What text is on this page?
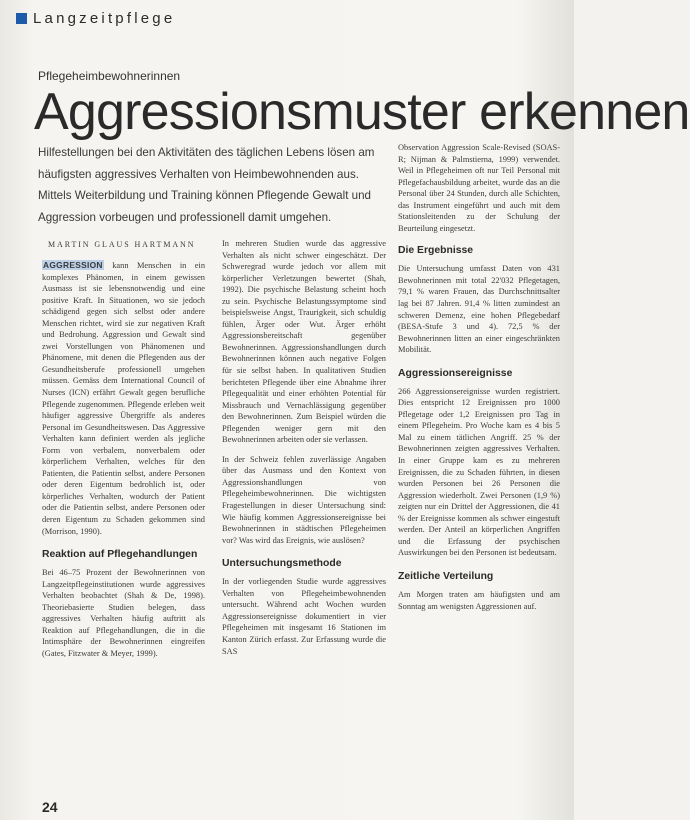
Langzeitpflege
Pflegeheimbewohnerinnen
Aggressionsmuster erkennen
Hilfestellungen bei den Aktivitäten des täglichen Lebens lösen am häufigsten aggressives Verhalten von Heimbewohnenden aus. Mittels Weiterbildung und Training können Pflegende Gewalt und Aggression vorbeugen und professionell damit umgehen.
MARTIN GLAUS HARTMANN

AGGRESSION kann Menschen in ein komplexes Phänomen, in einem gewissen Ausmass ist sie lebensnotwendig und eine positive Kraft. In Situationen, wo sie jedoch schädigend gegen sich selbst oder andere Menschen richtet, wird sie zur negativen Kraft und Bedrohung. Aggression und Gewalt sind zwei Vorstellungen von Phänomenen und Phänomene, mit denen die Pflegenden aus der Gesundheitsberufe professionell umgehen müssen. Gemäss dem International Council of Nurses (ICN) erfährt Gewalt gegen berufliche Pflegende zugenommen. Pflegende erleben weit häufiger aggressive Übergriffe als anderes Personal im Gesundheitswesen. Das Aggressive Verhalten kann definiert werden als jegliche Form von verbalem, nonverbalem oder körperlichem Verhalten, welches für den Patienten, die Patientin selbst, andere Personen oder deren Eigentum bedrohlich ist, oder körperliches Verhalten, wodurch der Patient oder die Patientin selbst, andere Personen oder deren Eigentum zu Schaden gekommen sind (Morrison, 1990).

Reaktion auf Pflegehandlungen

Bei 46–75 Prozent der Bewohnerinnen von Langzeitpflegeinstitutionen wurde aggressives Verhalten beobachtet (Shah & De, 1998). Theoriebasierte Studien belegen, dass aggressives Verhalten häufig auftritt als Reaktion auf Pflegehandlungen, die in die Intimsphäre der Bewohnerinnen eingreifen (Gates, Fitzwater & Meyer, 1999).

In mehreren Studien wurde das aggressive Verhalten als nicht schwer eingeschätzt. Der Schweregrad wurde jedoch vor allem mit körperlicher Verletzungen bewertet (Shah, 1992). Die psychische Belastung scheint hoch zu sein. Psychische Belastungssymptome sind beispielsweise Angst, Traurigkeit, sich schuldig fühlen, Ärger oder Wut. Ärger erhöht Aggressionsbereitschaft gegenüber Bewohnerinnen. Aggressionshandlungen durch Bewohnerinnen können auch negative Folgen für sie selbst haben. In qualitativen Studien berichteten Pflegende über eine Abnahme ihrer Pflegequalität und einer erhöhten Potential für Missbrauch und Vernachlässigung gegenüber den Bewohnerinnen. Zum Beispiel würden die Pflegenden weniger gern mit den Bewohnerinnen arbeiten oder sie verlassen.

In der Schweiz fehlen zuverlässige Angaben über das Ausmass und den Kontext von Aggressionshandlungen von Pflegeheimbewohnerinnen. Die wichtigsten Fragestellungen in dieser Untersuchung sind: Wie häufig kommen Aggressionsereignisse bei Bewohnerinnen in städtischen Pflegeheimen vor? Was wird das Ereignis, wie auslösen?

Untersuchungsmethode

In der vorliegenden Studie wurde aggressives Verhalten von Pflegeheimbewohnenden untersucht. Während acht Wochen wurden Aggressionsereignisse dokumentiert in vier Pflegeheimen mit insgesamt 16 Stationen im Kanton Zürich erfasst. Zur Erfassung wurde die SAS

Observation Aggression Scale-Revised (SOAS-R; Nijman & Palmstierna, 1999) verwendet. Weil in Pflegeheimen oft nur Teil Personal mit Pflegefachausbildung arbeitet, wurde das an die Personal über 24 Stunden, durch alle Schichten, das Instrument eingeführt und auch mit dem Stationsleitenden zu der Schulung der Beurteilung eingesetzt.

Die Ergebnisse

Die Untersuchung umfasst Daten von 431 Bewohnerinnen mit total 22'032 Pflegetagen, 79,1 % waren Frauen, das Durchschnittsalter lag bei 87 Jahren. 91,4 % litten zumindest an schweren Demenz, eine hohen Pflegebedarf (BESA-Stufe 3 und 4). 72,5 % der Bewohnerinnen litten an einer eingeschränkten Mobilität.

Aggressionsereignisse

266 Aggressionsereignisse wurden registriert. Dies entspricht 12 Ereignissen pro 1000 Pflegetage oder 1,2 Ereignissen pro Tag in einem Pflegeheim. Pro Woche kam es 4 bis 5 Mal zu einem tätlichen Angriff. 25 % der Bewohnerinnen zeigten aggressives Verhalten. In einer Gruppe kam es zu mehreren Ereignissen, die zu Schaden führten, in diesen wurden Personen bei 26 Personen die Aggression wiederholt. Zwei Personen (1,9 %) zeigten nur ein Drittel der Aggressionen, die 41 % der Ereignisse kommen als schwer eingestuft werden. Der Anteil an körperlichen Angriffen und die Erfassung der psychischen Auswirkungen bei den Personen ist bedeutsam.

Zeitliche Verteilung

Am Morgen traten am häufigsten und am Sonntag am wenigsten Aggressionen auf.

24
